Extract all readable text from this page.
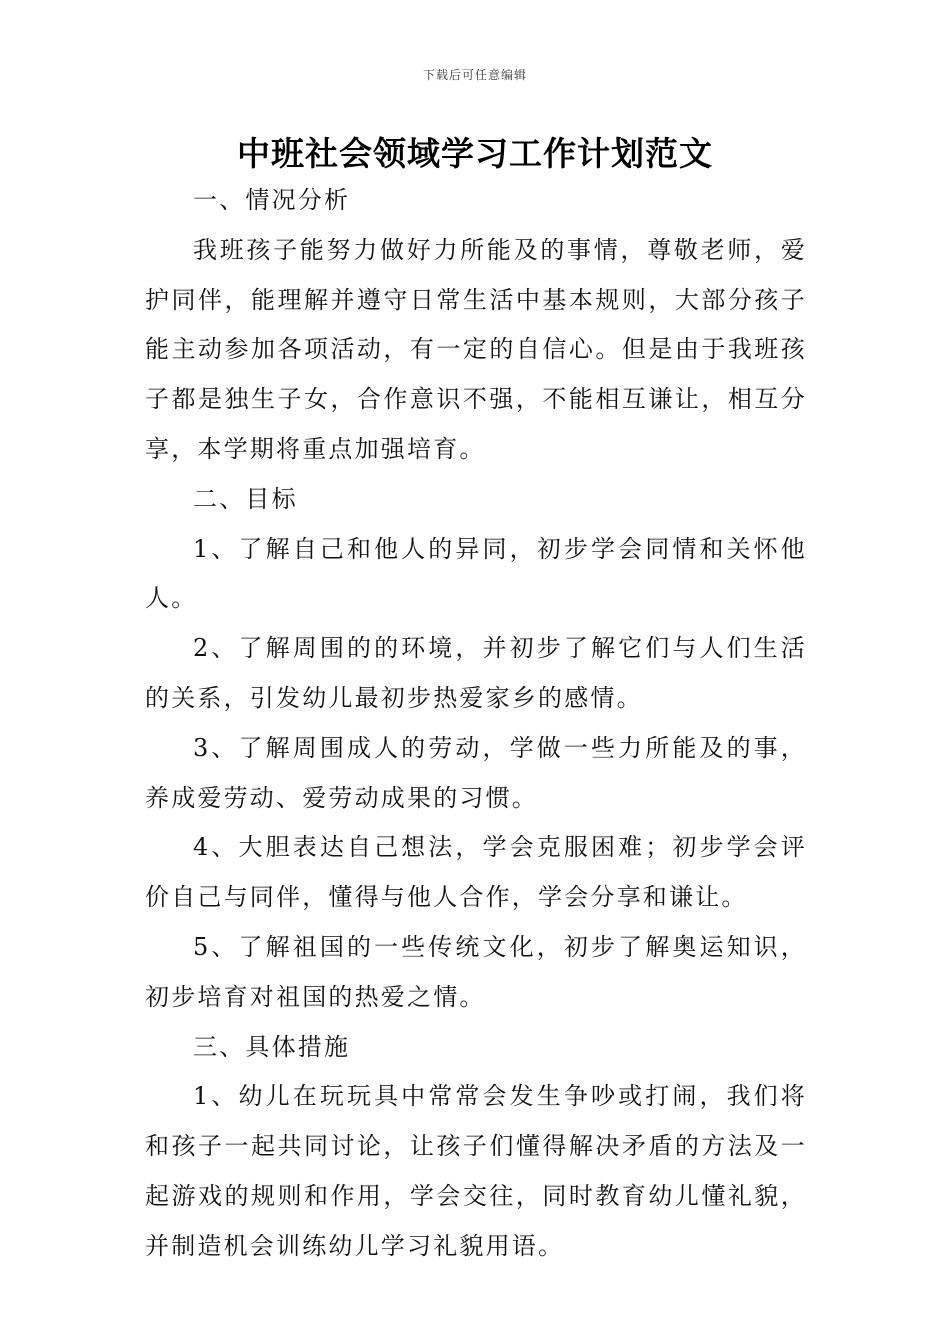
下载后可任意编辑
中班社会领域学习工作计划范文

一、情况分析

我班孩子能努力做好力所能及的事情，尊敬老师，爱护同伴，能理解并遵守日常生活中基本规则，大部分孩子能主动参加各项活动，有一定的自信心。但是由于我班孩子都是独生子女，合作意识不强，不能相互谦让，相互分享，本学期将重点加强培育。

二、目标

1、了解自己和他人的异同，初步学会同情和关怀他人。

2、了解周围的的环境，并初步了解它们与人们生活的关系，引发幼儿最初步热爱家乡的感情。

3、了解周围成人的劳动，学做一些力所能及的事，养成爱劳动、爱劳动成果的习惯。

4、大胆表达自己想法，学会克服困难；初步学会评价自己与同伴，懂得与他人合作，学会分享和谦让。

5、了解祖国的一些传统文化，初步了解奥运知识，初步培育对祖国的热爱之情。

三、具体措施

1、幼儿在玩玩具中常常会发生争吵或打闹，我们将和孩子一起共同讨论，让孩子们懂得解决矛盾的方法及一起游戏的规则和作用，学会交往，同时教育幼儿懂礼貌，并制造机会训练幼儿学习礼貌用语。
